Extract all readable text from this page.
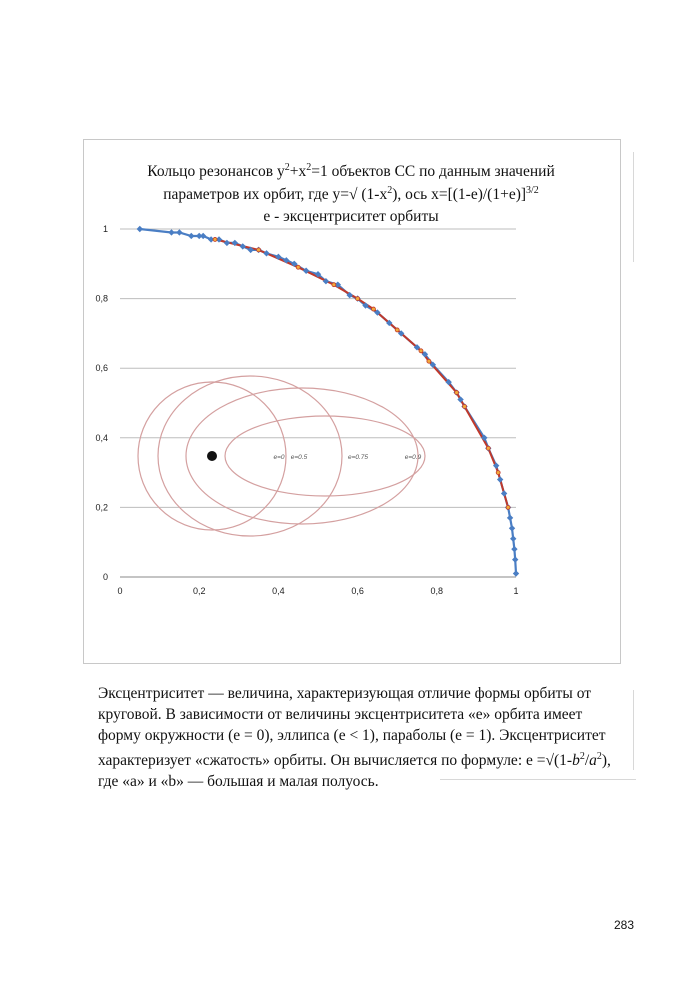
e=0 e=0.5	e=0.75	e=0.9
0
0,2
0,4
0,6
0,8
1
0	0,2	0,4	0,6	0,8	1
Кольцо резонансов $y^2+x^2=1$ объектов СС по данным значений
параметров их орбит, где y=√ $(1-x^2)$, ось $x=[(1-e)/(1+e)]^{3/2}$
е - эксцентриситет орбиты

Эксцентриситет — величина, характеризующая отличие формы орбиты от

круговой. В зависимости от величины эксцентриситета «е» орбита имеет

форму окружности (е = 0), эллипса (е < 1), параболы (е = 1). Эксцентриситет

характеризует «сжатость» орбиты. Он вычисляется по формуле: $е =√(1-b^2/a^2)$,

где «а» и «b» — большая и малая полуось.

283
